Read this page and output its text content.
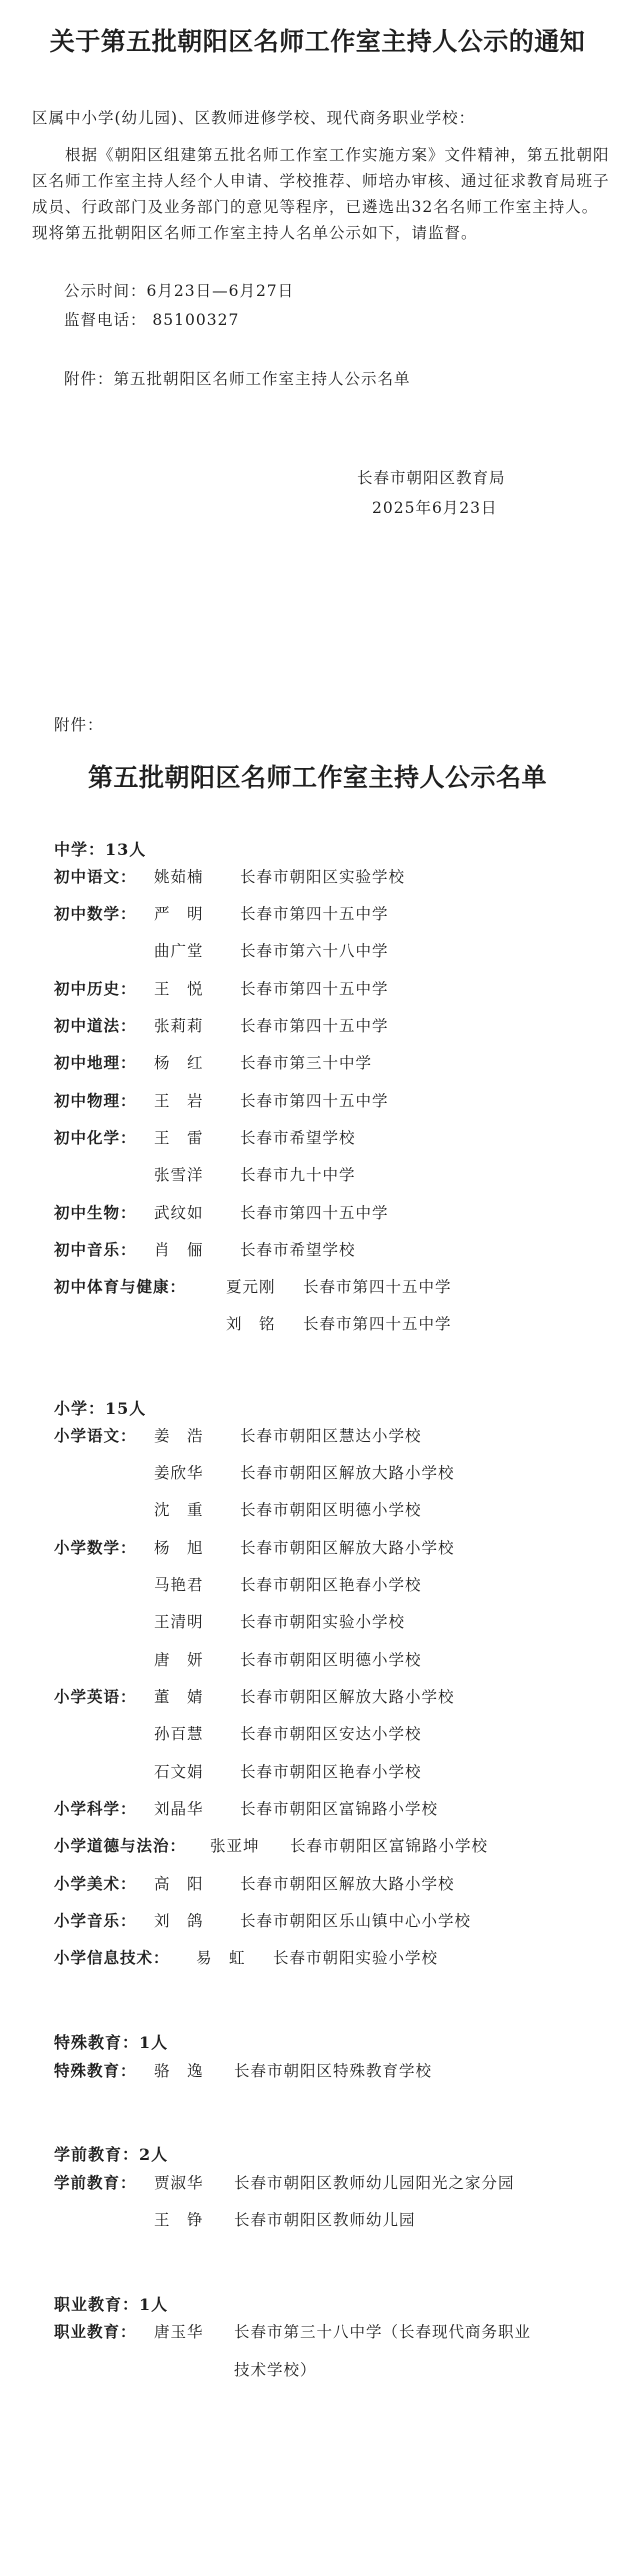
关于第五批朝阳区名师工作室主持人公示的通知
区属中小学(幼儿园)、区教师进修学校、现代商务职业学校：
根据《朝阳区组建第五批名师工作室工作实施方案》文件精神，第五批朝阳区名师工作室主持人经个人申请、学校推荐、师培办审核、通过征求教育局班子成员、行政部门及业务部门的意见等程序，已遴选出32名名师工作室主持人。现将第五批朝阳区名师工作室主持人名单公示如下，请监督。
公示时间：6月23日—6月27日
监督电话： 85100327
附件：第五批朝阳区名师工作室主持人公示名单
长春市朝阳区教育局
2025年6月23日
附件：
第五批朝阳区名师工作室主持人公示名单
中学：13人
初中语文： 姚茹楠 长春市朝阳区实验学校
初中数学： 严　明 长春市第四十五中学
曲广堂 长春市第六十八中学
初中历史： 王　悦 长春市第四十五中学
初中道法： 张莉莉 长春市第四十五中学
初中地理： 杨　红 长春市第三十中学
初中物理： 王　岩 长春市第四十五中学
初中化学： 王　雷 长春市希望学校
张雪洋 长春市九十中学
初中生物： 武纹如 长春市第四十五中学
初中音乐： 肖　俪 长春市希望学校
初中体育与健康：	夏元刚 长春市第四十五中学
刘　铭 长春市第四十五中学
小学：15人
小学语文： 姜　浩 长春市朝阳区慧达小学校
姜欣华 长春市朝阳区解放大路小学校
沈　重 长春市朝阳区明德小学校
小学数学： 杨　旭 长春市朝阳区解放大路小学校
马艳君 长春市朝阳区艳春小学校
王清明 长春市朝阳实验小学校
唐　妍 长春市朝阳区明德小学校
小学英语： 董　婧 长春市朝阳区解放大路小学校
孙百慧 长春市朝阳区安达小学校
石文娟 长春市朝阳区艳春小学校
小学科学： 刘晶华 长春市朝阳区富锦路小学校
小学道德与法治： 张亚坤 长春市朝阳区富锦路小学校
小学美术： 高　阳 长春市朝阳区解放大路小学校
小学音乐： 刘　鸽 长春市朝阳区乐山镇中心小学校
小学信息技术： 易　虹 长春市朝阳实验小学校
特殊教育：1人
特殊教育： 骆　逸 长春市朝阳区特殊教育学校
学前教育：2人
学前教育： 贾淑华 长春市朝阳区教师幼儿园阳光之家分园
王　铮 长春市朝阳区教师幼儿园
职业教育：1人
职业教育： 唐玉华 长春市第三十八中学（长春现代商务职业
技术学校）
